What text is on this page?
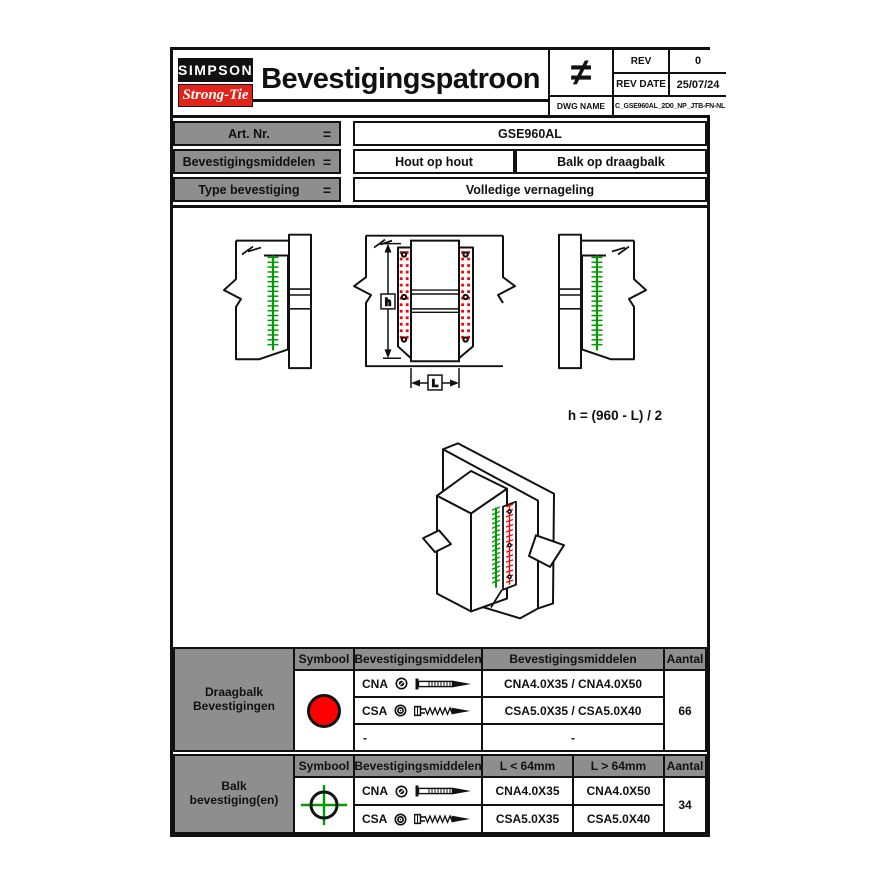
SIMPSON
Strong-Tie Bevestigingspatroon ≠	REV	0
REV DATE 25/07/24
DWG NAME	C_GSE960AL_2D0_NP_JTB-FN-NL
Art. Nr.	=	GSE960AL
Bevestigingsmiddelen =	Hout op hout	Balk op draagbalk
Type bevestiging	=	Volledige vernageling
h
L
h = (960 - L) / 2
Draagbalk
Bevestigingen
Symbool Bevestigingsmiddelen	Bevestigingsmiddelen	Aantal
CNA	CNA4.0X35 / CNA4.0X50
CSA	CSA5.0X35 / CSA5.0X40
-	-
66
Balk
bevestiging(en)
Symbool Bevestigingsmiddelen	L < 64mm	L > 64mm	Aantal
CNA	CNA4.0X35	CNA4.0X50
CSA	CSA5.0X35	CSA5.0X40
34
